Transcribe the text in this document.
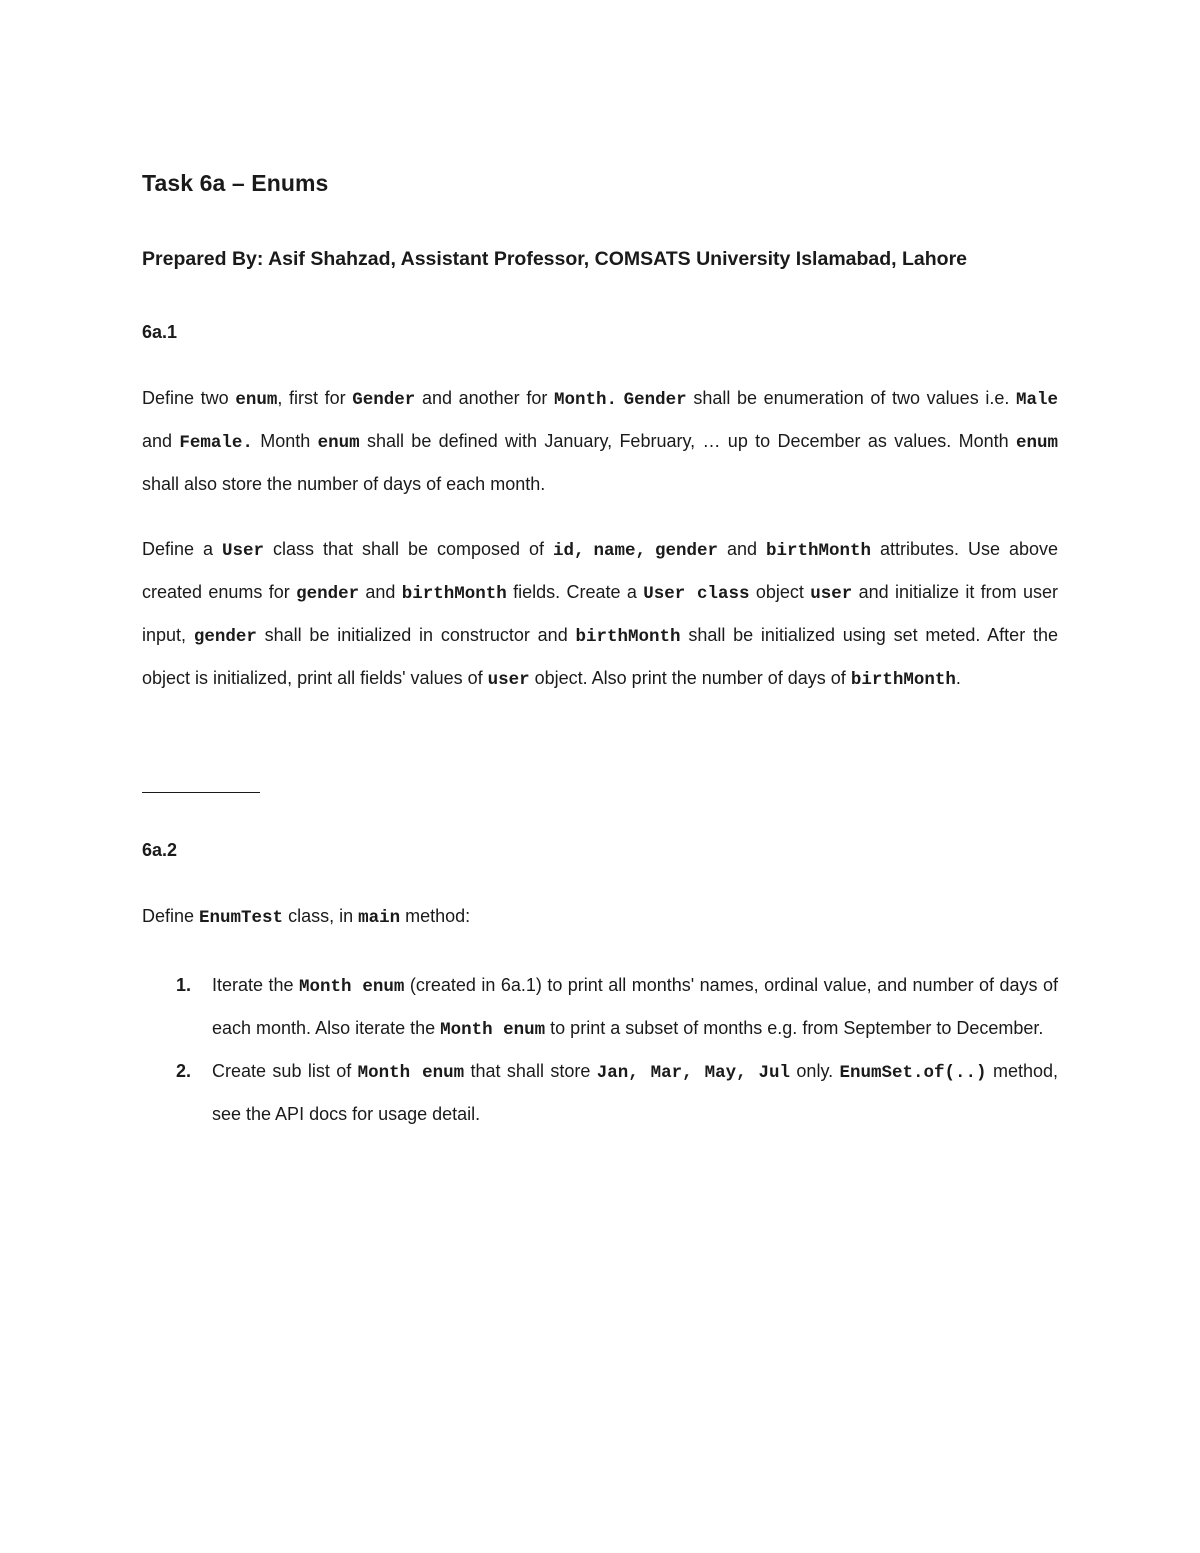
Task 6a – Enums

Prepared By: Asif Shahzad, Assistant Professor, COMSATS University Islamabad, Lahore

6a.1

Define two enum, first for Gender and another for Month. Gender shall be enumeration of two values i.e. Male and Female. Month enum shall be defined with January, February, … up to December as values. Month enum shall also store the number of days of each month.

Define a User class that shall be composed of id, name, gender and birthMonth attributes. Use above created enums for gender and birthMonth fields. Create a User class object user and initialize it from user input, gender shall be initialized in constructor and birthMonth shall be initialized using set meted. After the object is initialized, print all fields' values of user object. Also print the number of days of birthMonth.

6a.2

Define EnumTest class, in main method:

1. Iterate the Month enum (created in 6a.1) to print all months' names, ordinal value, and number of days of each month. Also iterate the Month enum to print a subset of months e.g. from September to December.
2. Create sub list of Month enum that shall store Jan, Mar, May, Jul only. EnumSet.of(..) method, see the API docs for usage detail.
